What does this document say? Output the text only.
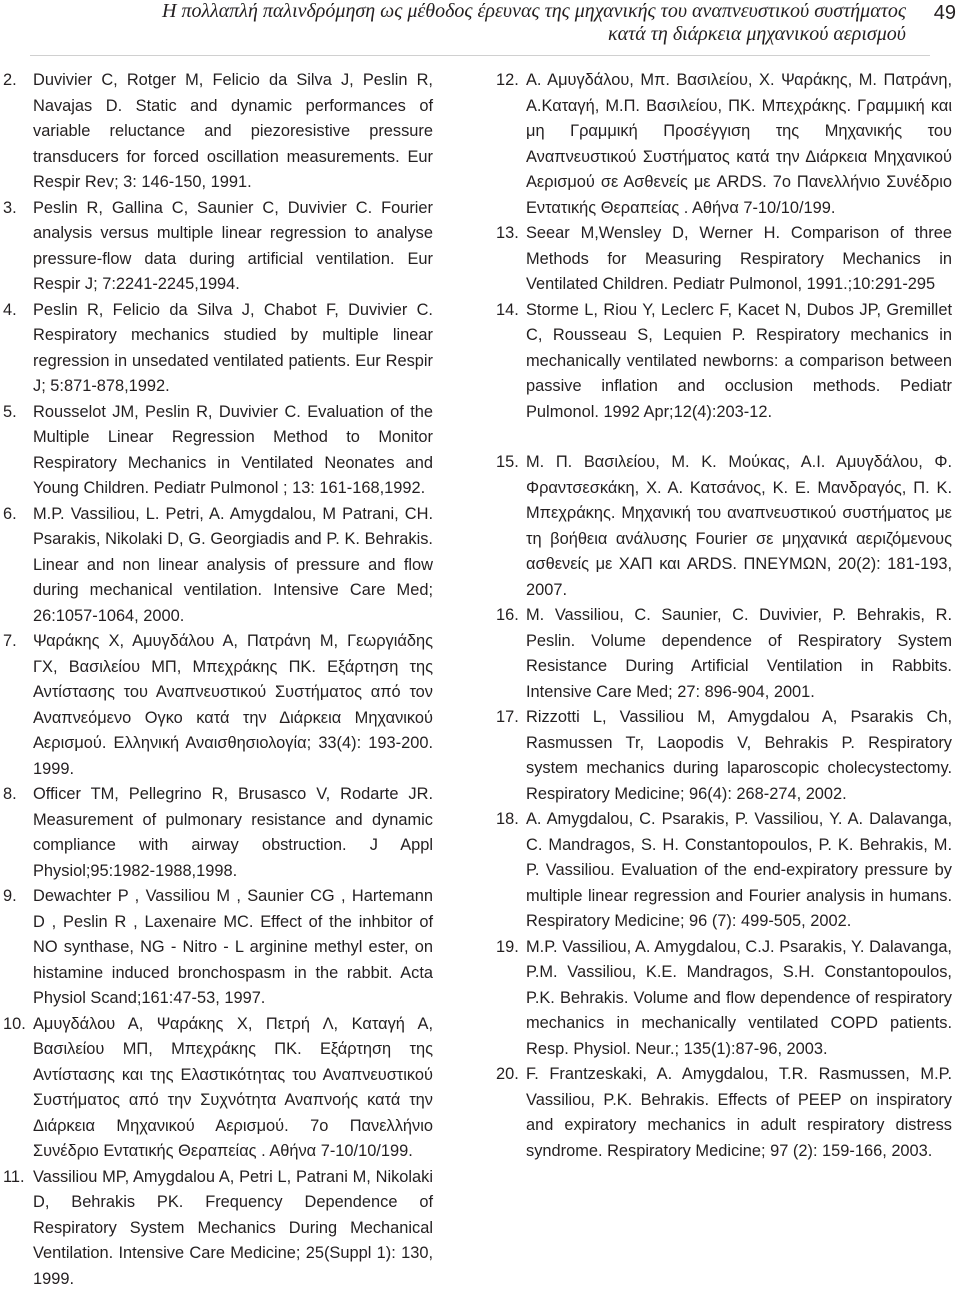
Η πολλαπλή παλινδρόμηση ως μέθοδος έρευνας της μηχανικής του αναπνευστικού συστήματος
κατά τη διάρκεια μηχανικού αερισμού
49
2. Duvivier C, Rotger M, Felicio da Silva J, Peslin R, Navajas D. Static and dynamic performances of variable reluctance and piezoresistive pressure transducers for forced oscillation measurements. Eur Respir Rev; 3: 146-150, 1991.
3. Peslin R, Gallina C, Saunier C, Duvivier C. Fourier analysis versus multiple linear regression to analyse pressure-flow data during artificial ventilation. Eur Respir J; 7:2241-2245,1994.
4. Peslin R, Felicio da Silva J, Chabot F, Duvivier C. Respiratory mechanics studied by multiple linear regression in unsedated ventilated patients. Eur Respir J; 5:871-878,1992.
5. Rousselot JM, Peslin R, Duvivier C. Evaluation of the Multiple Linear Regression Method to Monitor Respiratory Mechanics in Ventilated Neonates and Young Children. Pediatr Pulmonol ; 13: 161-168,1992.
6. M.P. Vassiliou, L. Petri, A. Amygdalou, M Patrani, CH. Psarakis, Nikolaki D, G. Georgiadis and P. K. Behrakis. Linear and non linear analysis of pressure and flow during mechanical ventilation. Intensive Care Med; 26:1057-1064, 2000.
7. Ψαράκης Χ, Αμυγδάλου Α, Πατράνη Μ, Γεωργιάδης ΓΧ, Βασιλείου ΜΠ, Μπεχράκης ΠΚ. Εξάρτηση της Αντίστασης του Αναπνευστικού Συστήματος από τον Αναπνεόμενο Ογκο κατά την Διάρκεια Μηχανικού Αερισμού. Ελληνική Αναισθησιολογία; 33(4): 193-200. 1999.
8. Officer TM, Pellegrino R, Brusasco V, Rodarte JR. Measurement of pulmonary resistance and dynamic compliance with airway obstruction. J Appl Physiol;95:1982-1988,1998.
9. Dewachter P , Vassiliou M , Saunier CG , Hartemann D , Peslin R , Laxenaire MC. Effect of the inhbitor of NO synthase, NG - Nitro - L arginine methyl ester, on histamine induced bronchospasm in the rabbit. Acta Physiol Scand;161:47-53, 1997.
10. Αμυγδάλου Α, Ψαράκης Χ, Πετρή Λ, Καταγή Α, Βασιλείου ΜΠ, Μπεχράκης ΠΚ. Εξάρτηση της Αντίστασης και της Ελαστικότητας του Αναπνευστικού Συστήματος από την Συχνότητα Αναπνοής κατά την Διάρκεια Μηχανικού Αερισμού. 7ο Πανελλήνιο Συνέδριο Εντατικής Θεραπείας . Αθήνα 7-10/10/199.
11. Vassiliou MP, Amygdalou A, Petri L, Patrani M, Nikolaki D, Behrakis PK. Frequency Dependence of Respiratory System Mechanics During Mechanical Ventilation. Intensive Care Medicine; 25(Suppl 1): 130, 1999.
12. Α. Αμυγδάλου, Μπ. Βασιλείου, Χ. Ψαράκης, Μ. Πατράνη, Α.Καταγή, Μ.Π. Βασιλείου, ΠΚ. Μπεχράκης. Γραμμική και μη Γραμμική Προσέγγιση της Μηχανικής του Αναπνευστικού Συστήματος κατά την Διάρκεια Μηχανικού Αερισμού σε Ασθενείς με ARDS. 7ο Πανελλήνιο Συνέδριο Εντατικής Θεραπείας . Αθήνα 7-10/10/199.
13. Seear M,Wensley D, Werner H. Comparison of three Methods for Measuring Respiratory Mechanics in Ventilated Children. Pediatr Pulmonol, 1991.;10:291-295
14. Storme L, Riou Y, Leclerc F, Kacet N, Dubos JP, Gremillet C, Rousseau S, Lequien P. Respiratory mechanics in mechanically ventilated newborns: a comparison between passive inflation and occlusion methods. Pediatr Pulmonol. 1992 Apr;12(4):203-12.
15. Μ. Π. Βασιλείου, Μ. Κ. Μούκας, Α.Ι. Αμυγδάλου, Φ. Φραντσεσκάκη, Χ. Α. Κατσάνος, Κ. Ε. Μανδραγός, Π. Κ. Μπεχράκης. Μηχανική του αναπνευστικού συστήματος με τη βοήθεια ανάλυσης Fourier σε μηχανικά αεριζόμενους ασθενείς με ΧΑΠ και ARDS. ΠΝΕΥΜΩΝ, 20(2): 181-193, 2007.
16. M. Vassiliou, C. Saunier, C. Duvivier, P. Behrakis, R. Peslin. Volume dependence of Respiratory System Resistance During Artificial Ventilation in Rabbits. Intensive Care Med; 27: 896-904, 2001.
17. Rizzotti L, Vassiliou M, Amygdalou A, Psarakis Ch, Rasmussen Tr, Laopodis V, Behrakis P. Respiratory system mechanics during laparoscopic cholecystectomy. Respiratory Medicine; 96(4): 268-274, 2002.
18. A. Amygdalou, C. Psarakis, P. Vassiliou, Y. A. Dalavanga, C. Mandragos, S. H. Constantopoulos, P. K. Behrakis, M. P. Vassiliou. Evaluation of the end-expiratory pressure by multiple linear regression and Fourier analysis in humans. Respiratory Medicine; 96 (7): 499-505, 2002.
19. M.P. Vassiliou, A. Amygdalou, C.J. Psarakis, Y. Dalavanga, P.M. Vassiliou, K.E. Mandragos, S.H. Constantopoulos, P.K. Behrakis. Volume and flow dependence of respiratory mechanics in mechanically ventilated COPD patients. Resp. Physiol. Neur.; 135(1):87-96, 2003.
20. F. Frantzeskaki, A. Amygdalou, T.R. Rasmussen, M.P. Vassiliou, P.K. Behrakis. Effects of PEEP on inspiratory and expiratory mechanics in adult respiratory distress syndrome. Respiratory Medicine; 97 (2): 159-166, 2003.
